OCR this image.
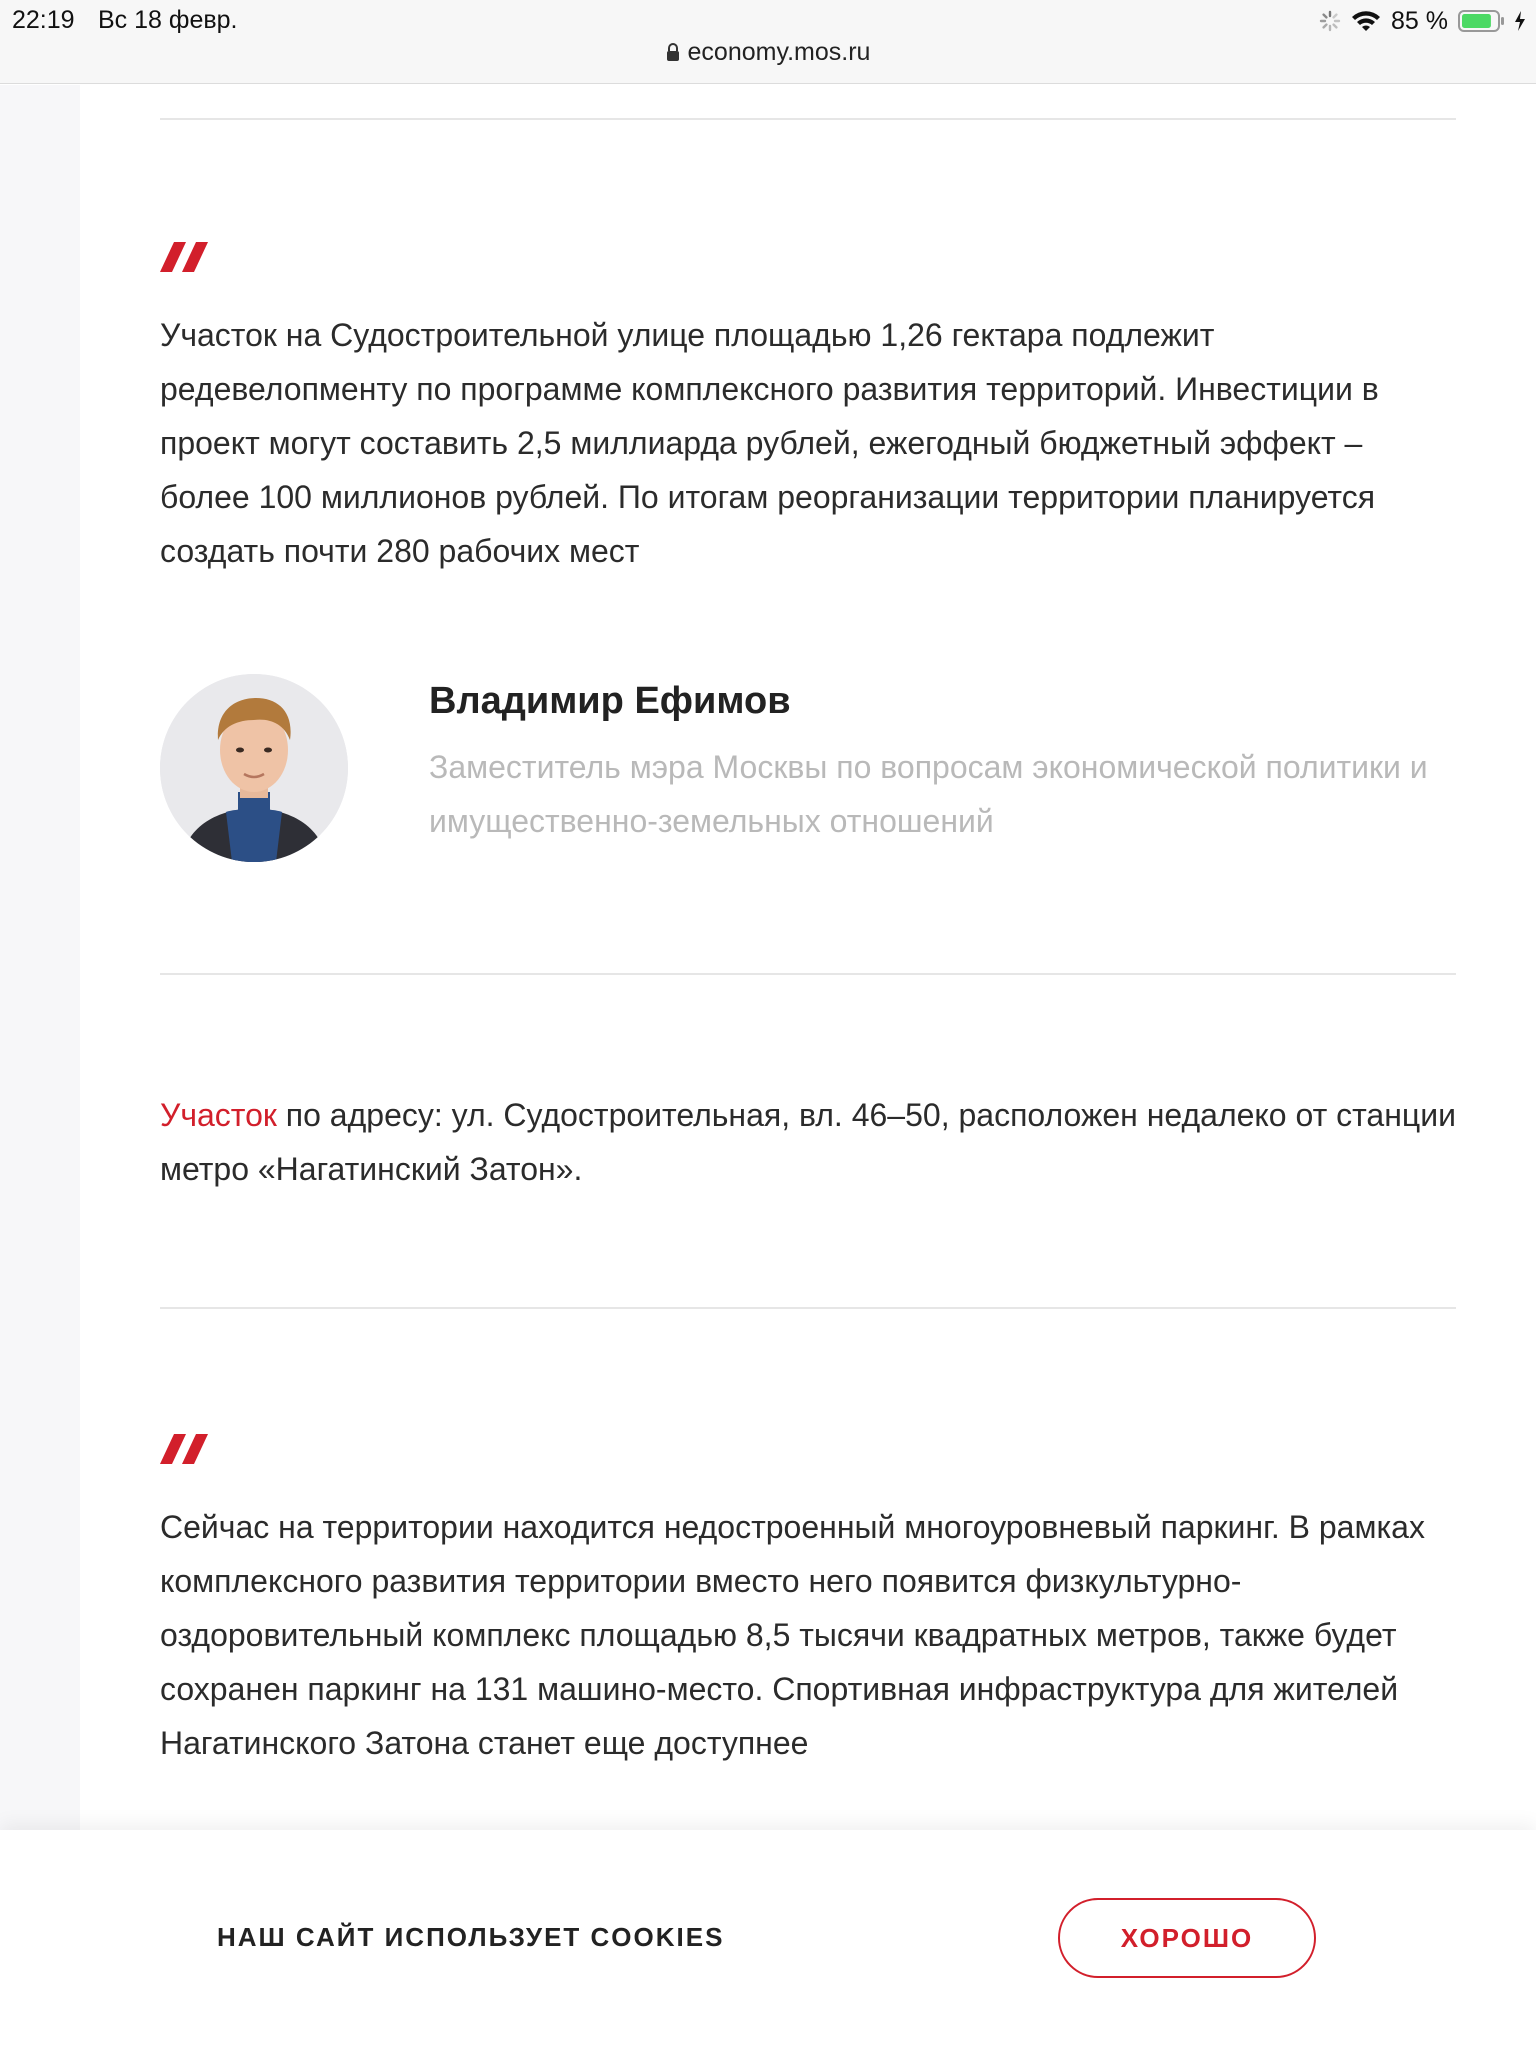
22:19 Вс 18 февр.
economy.mos.ru
85 %

Участок на Судостроительной улице площадью 1,26 гектара подлежит редевелопменту по программе комплексного развития территорий. Инвестиции в проект могут составить 2,5 миллиарда рублей, ежегодный бюджетный эффект – более 100 миллионов рублей. По итогам реорганизации территории планируется создать почти 280 рабочих мест

Владимир Ефимов

Заместитель мэра Москвы по вопросам экономической политики и имущественно-земельных отношений

Участок по адресу: ул. Судостроительная, вл. 46–50, расположен недалеко от станции метро «Нагатинский Затон».

Сейчас на территории находится недостроенный многоуровневый паркинг. В рамках комплексного развития территории вместо него появится физкультурно-оздоровительный комплекс площадью 8,5 тысячи квадратных метров, также будет сохранен паркинг на 131 машино-место. Спортивная инфраструктура для жителей Нагатинского Затона станет еще доступнее

НАШ САЙТ ИСПОЛЬЗУЕТ COOKIES	ХОРОШО
